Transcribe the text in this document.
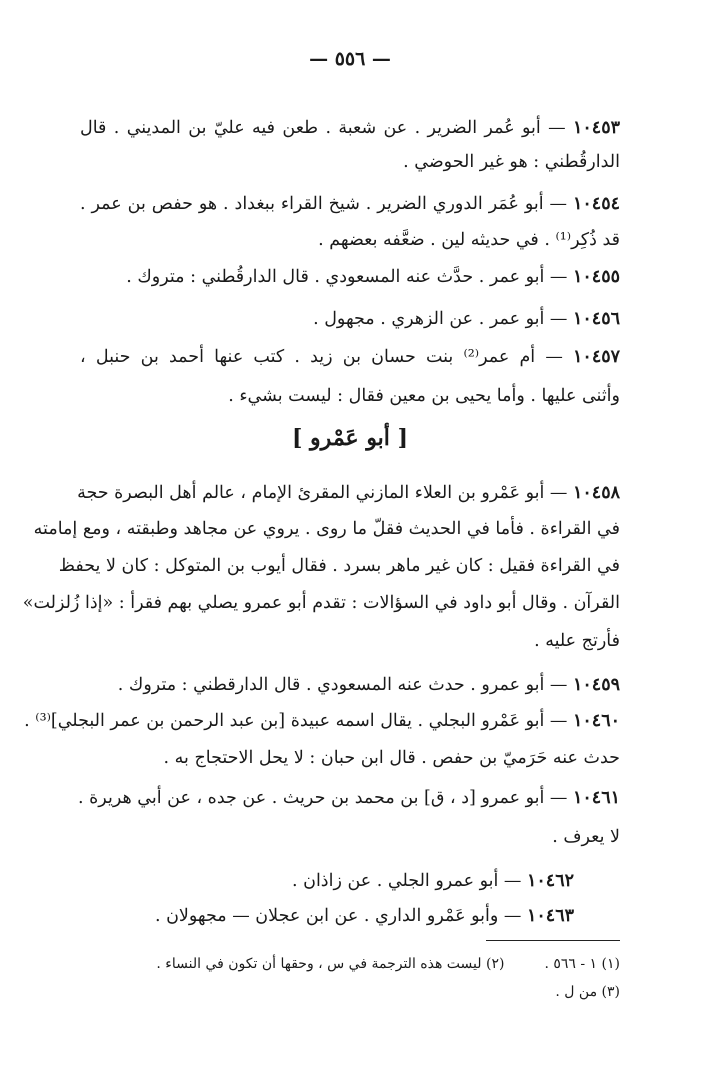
— ٥٥٦ —
١٠٤٥٣ — أبو عُمر الضرير . عن شعبة . طعن فيه عليّ بن المديني . قال
الدارقُطني : هو غير الحوضي .
١٠٤٥٤ — أبو عُمَر الدوري الضرير . شيخ القراء ببغداد . هو حفص بن عمر .
قد ذُكِر⁽¹⁾ . في حديثه لين . ضعَّفه بعضهم .
١٠٤٥٥ — أبو عمر . حدَّث عنه المسعودي . قال الدارقُطني : متروك .
١٠٤٥٦ — أبو عمر . عن الزهري . مجهول .
١٠٤٥٧ — أم عمر⁽²⁾ بنت حسان بن زيد . كتب عنها أحمد بن حنبل ،
وأثنى عليها . وأما يحيى بن معين فقال : ليست بشيء .
[ أبو عَمْرو ]
١٠٤٥٨ — أبو عَمْرو بن العلاء المازني المقرئ الإمام ، عالم أهل البصرة حجة
في القراءة . فأما في الحديث فقلّ ما روى . يروي عن مجاهد وطبقته ، ومع إمامته
في القراءة فقيل : كان غير ماهر بسرد . فقال أيوب بن المتوكل : كان لا يحفظ
القرآن . وقال أبو داود في السؤالات : تقدم أبو عمرو يصلي بهم فقرأ : «إذا زُلزلت»
فأرتج عليه .
١٠٤٥٩ — أبو عمرو . حدث عنه المسعودي . قال الدارقطني : متروك .
١٠٤٦٠ — أبو عَمْرو البجلي . يقال اسمه عبيدة [بن عبد الرحمن بن عمر البجلي]⁽³⁾ .
حدث عنه حَرَميّ بن حفص . قال ابن حبان : لا يحل الاحتجاج به .
١٠٤٦١ — أبو عمرو [د ، ق] بن محمد بن حريث . عن جده ، عن أبي هريرة .
لا يعرف .
١٠٤٦٢ — أبو عمرو الجلي . عن زاذان .
١٠٤٦٣ — وأبو عَمْرو الداري . عن ابن عجلان — مجهولان .
(١) ١ - ٥٦٦ .(٢) ليست هذه الترجمة في س ، وحقها أن تكون في النساء .
(٣) من ل .
